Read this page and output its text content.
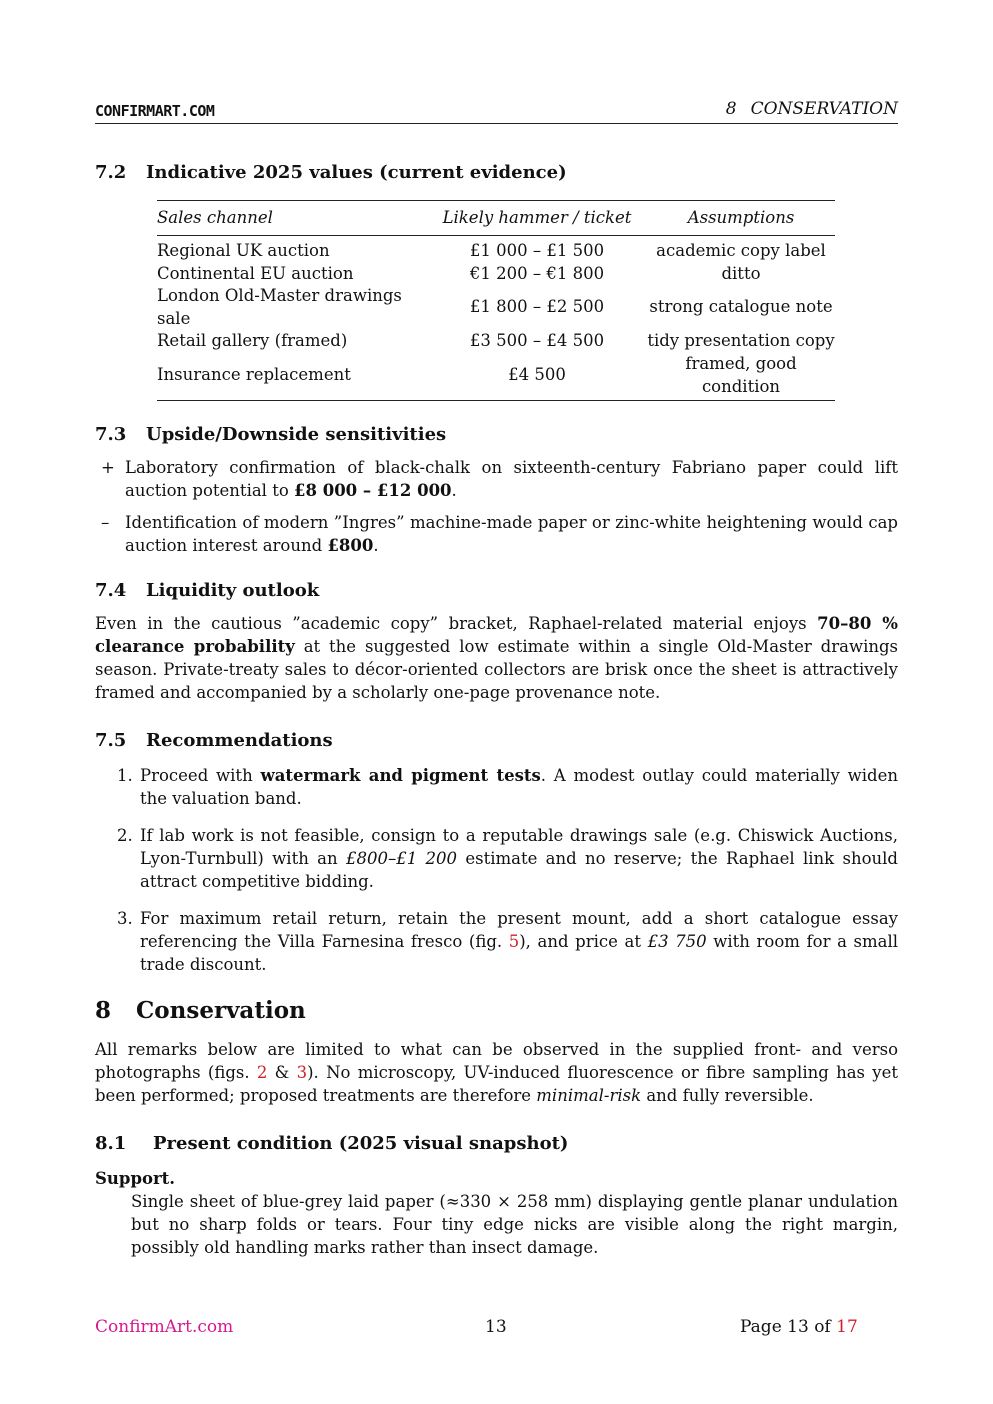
CONFIRMART.COM	8 CONSERVATION
7.2 Indicative 2025 values (current evidence)
Sales channel	Likely hammer / ticket	Assumptions
Regional UK auction	£1 000 – £1 500	academic copy label
Continental EU auction	€1 200 – €1 800	ditto
London Old-Master drawings sale	£1 800 – £2 500	strong catalogue note
Retail gallery (framed)	£3 500 – £4 500	tidy presentation copy
Insurance replacement	£4 500	framed, good condition
7.3 Upside/Downside sensitivities
+ Laboratory confirmation of black-chalk on sixteenth-century Fabriano paper could lift auction potential to £8 000 – £12 000.
– Identification of modern ”Ingres” machine-made paper or zinc-white heightening would cap auction interest around £800.
7.4 Liquidity outlook

Even in the cautious ”academic copy” bracket, Raphael-related material enjoys 70–80 % clearance probability at the suggested low estimate within a single Old-Master drawings season. Private-treaty sales to décor-oriented collectors are brisk once the sheet is attractively framed and accompanied by a scholarly one-page provenance note.

7.5 Recommendations
1. Proceed with watermark and pigment tests. A modest outlay could materially widen the valuation band.
2. If lab work is not feasible, consign to a reputable drawings sale (e.g. Chiswick Auctions, Lyon-Turnbull) with an £800–£1 200 estimate and no reserve; the Raphael link should attract competitive bidding.
3. For maximum retail return, retain the present mount, add a short catalogue essay referencing the Villa Farnesina fresco (fig. 5), and price at £3 750 with room for a small trade discount.
8 Conservation

All remarks below are limited to what can be observed in the supplied front- and verso photographs (figs. 2 & 3). No microscopy, UV-induced fluorescence or fibre sampling has yet been performed; proposed treatments are therefore minimal-risk and fully reversible.

8.1 Present condition (2025 visual snapshot)
Support.
Single sheet of blue-grey laid paper (≈330 × 258 mm) displaying gentle planar undulation but no sharp folds or tears. Four tiny edge nicks are visible along the right margin, possibly old handling marks rather than insect damage.
ConfirmArt.com	13	Page 13 of 17
